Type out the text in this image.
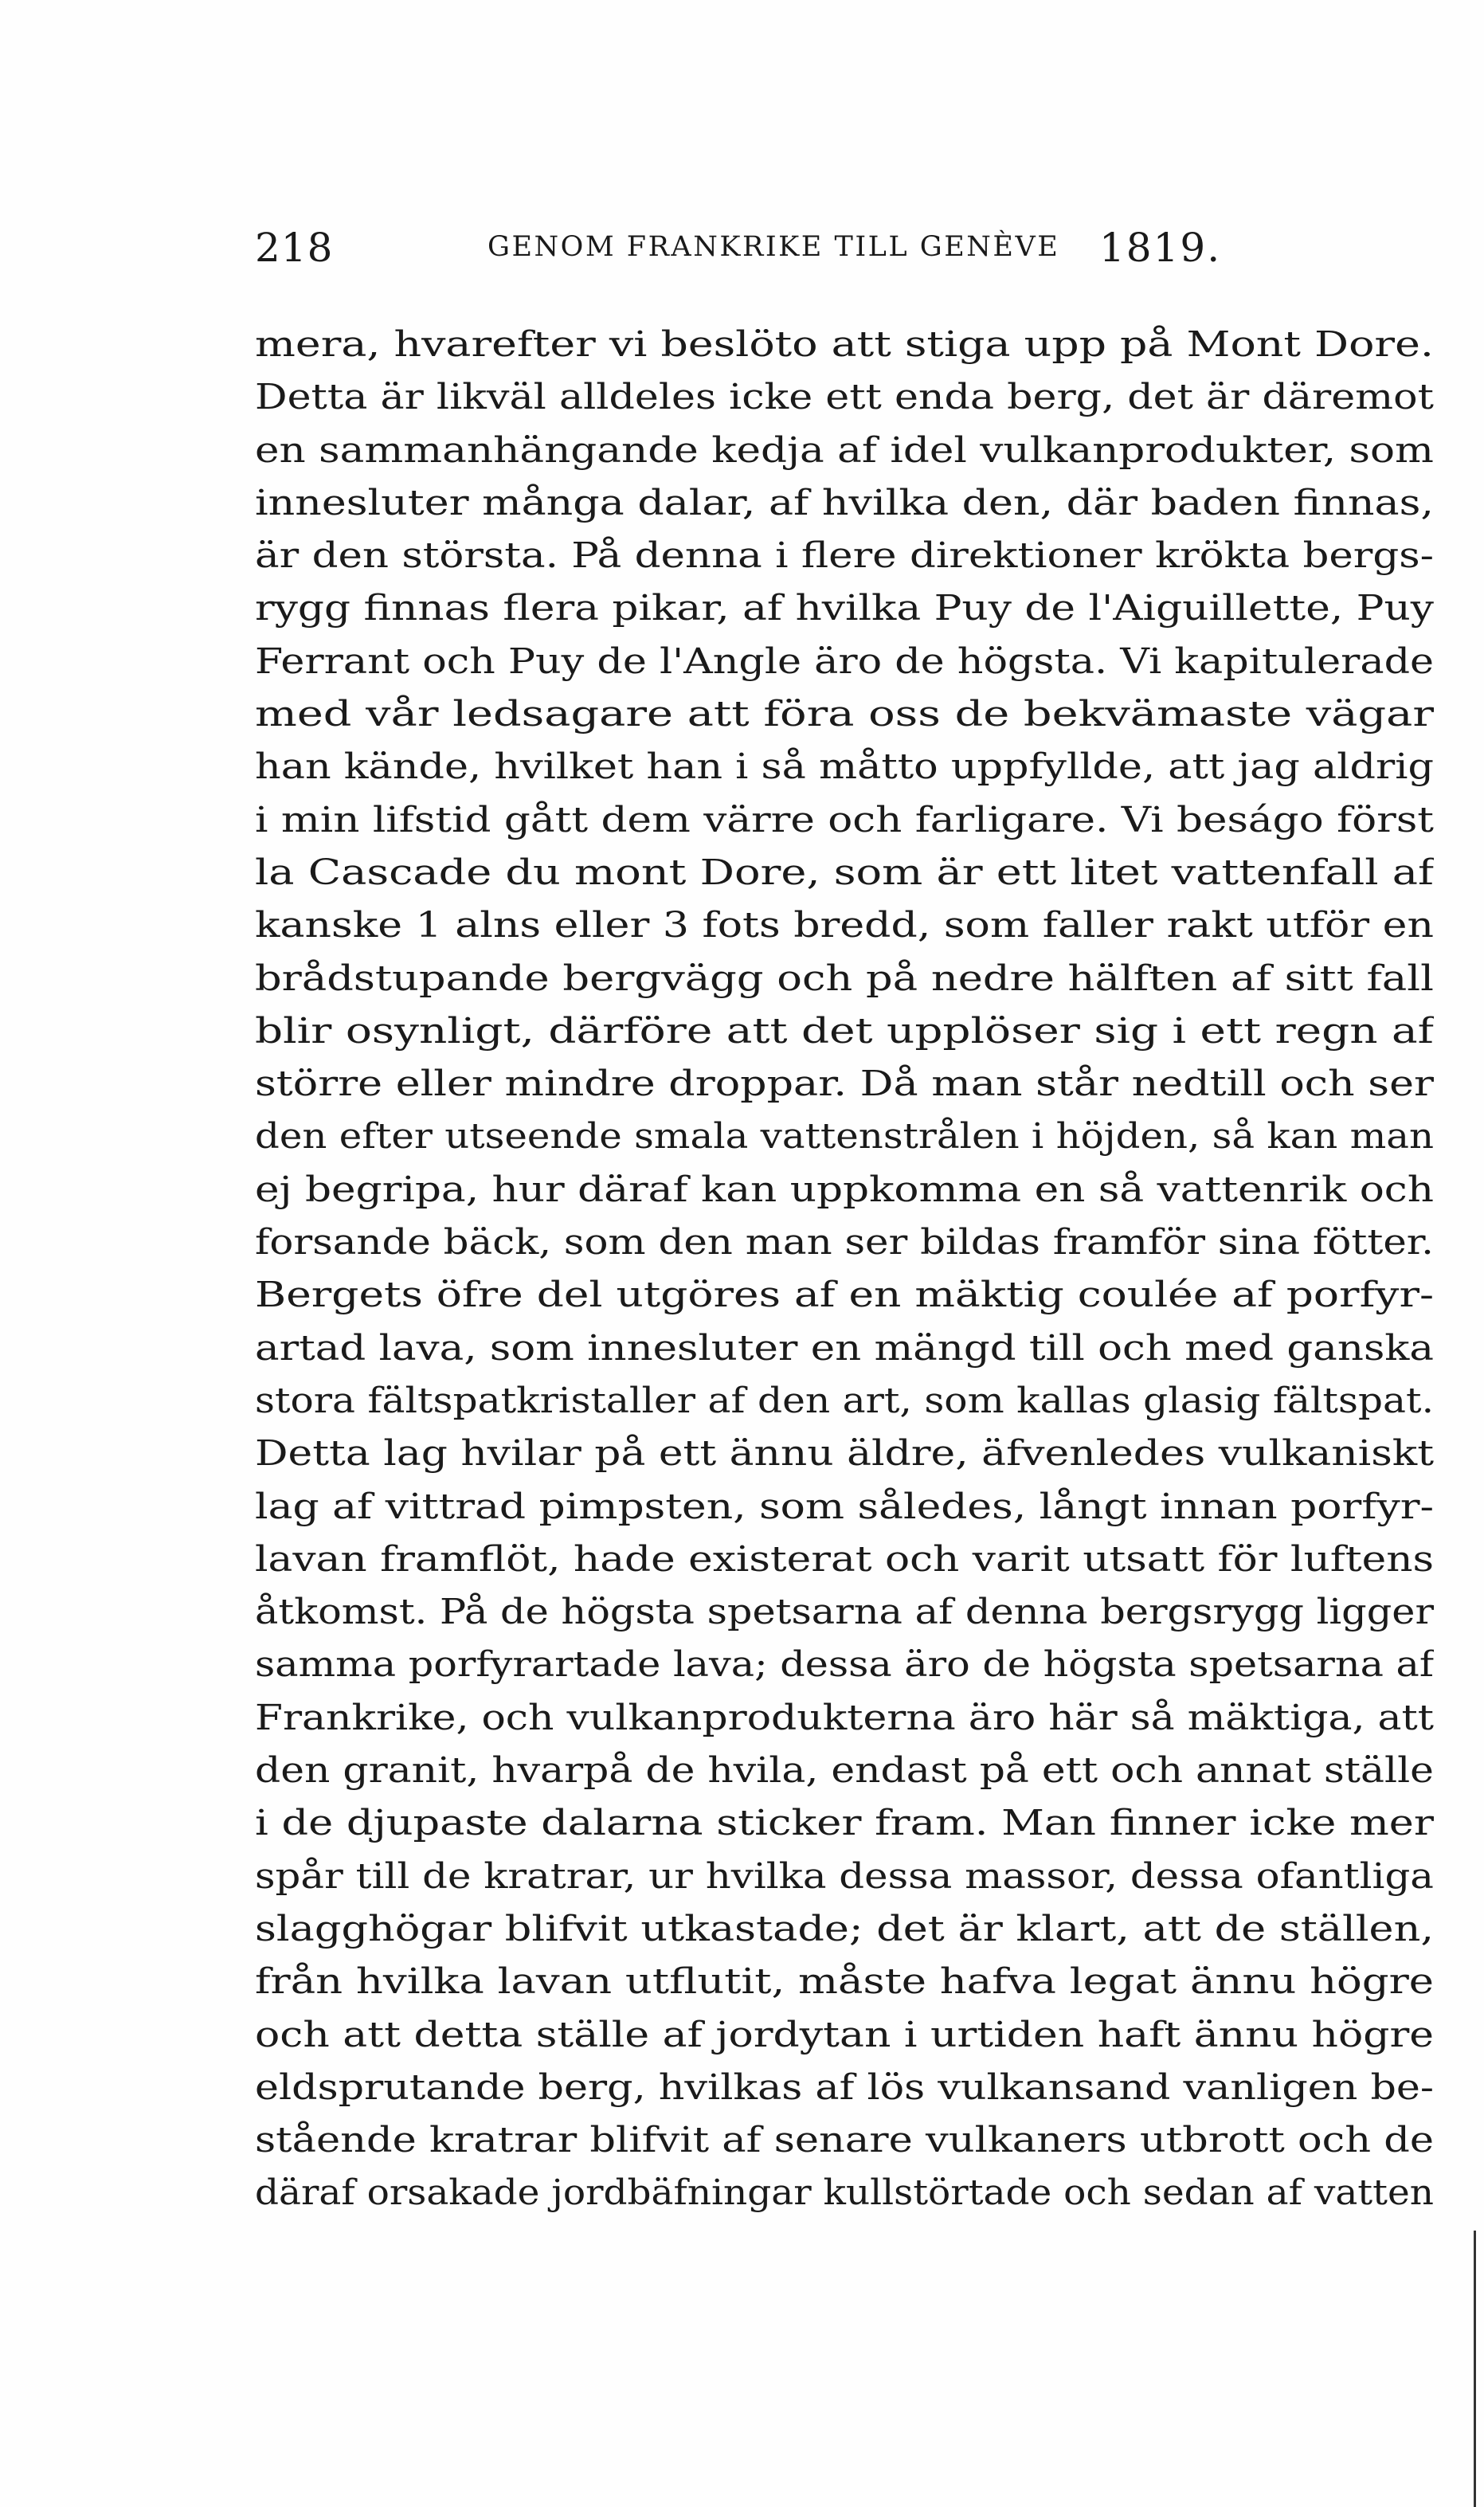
218	GENOM FRANKRIKE TILL GENÈVE 1819.
mera, hvarefter vi beslöto att stiga upp på Mont Dore.
Detta är likväl alldeles icke ett enda berg, det är däremot
en sammanhängande kedja af idel vulkanprodukter, som
innesluter många dalar, af hvilka den, där baden finnas,
är den största. På denna i flere direktioner krökta bergs-
rygg finnas flera pikar, af hvilka Puy de l'Aiguillette, Puy
Ferrant och Puy de l'Angle äro de högsta. Vi kapitulerade
med vår ledsagare att föra oss de bekvämaste vägar
han kände, hvilket han i så måtto uppfyllde, att jag aldrig
i min lifstid gått dem värre och farligare. Vi beságo först
la Cascade du mont Dore, som är ett litet vattenfall af
kanske 1 alns eller 3 fots bredd, som faller rakt utför en
brådstupande bergvägg och på nedre hälften af sitt fall
blir osynligt, därföre att det upplöser sig i ett regn af
större eller mindre droppar. Då man står nedtill och ser
den efter utseende smala vattenstrålen i höjden, så kan man
ej begripa, hur däraf kan uppkomma en så vattenrik och
forsande bäck, som den man ser bildas framför sina fötter.
Bergets öfre del utgöres af en mäktig coulée af porfyr-
artad lava, som innesluter en mängd till och med ganska
stora fältspatkristaller af den art, som kallas glasig fältspat.
Detta lag hvilar på ett ännu äldre, äfvenledes vulkaniskt
lag af vittrad pimpsten, som således, långt innan porfyr-
lavan framflöt, hade existerat och varit utsatt för luftens
åtkomst. På de högsta spetsarna af denna bergsrygg ligger
samma porfyrartade lava; dessa äro de högsta spetsarna af
Frankrike, och vulkanprodukterna äro här så mäktiga, att
den granit, hvarpå de hvila, endast på ett och annat ställe
i de djupaste dalarna sticker fram. Man finner icke mer
spår till de kratrar, ur hvilka dessa massor, dessa ofantliga
slagghögar blifvit utkastade; det är klart, att de ställen,
från hvilka lavan utflutit, måste hafva legat ännu högre
och att detta ställe af jordytan i urtiden haft ännu högre
eldsprutande berg, hvilkas af lös vulkansand vanligen be-
stående kratrar blifvit af senare vulkaners utbrott och de
däraf orsakade jordbäfningar kullstörtade och sedan af vatten
